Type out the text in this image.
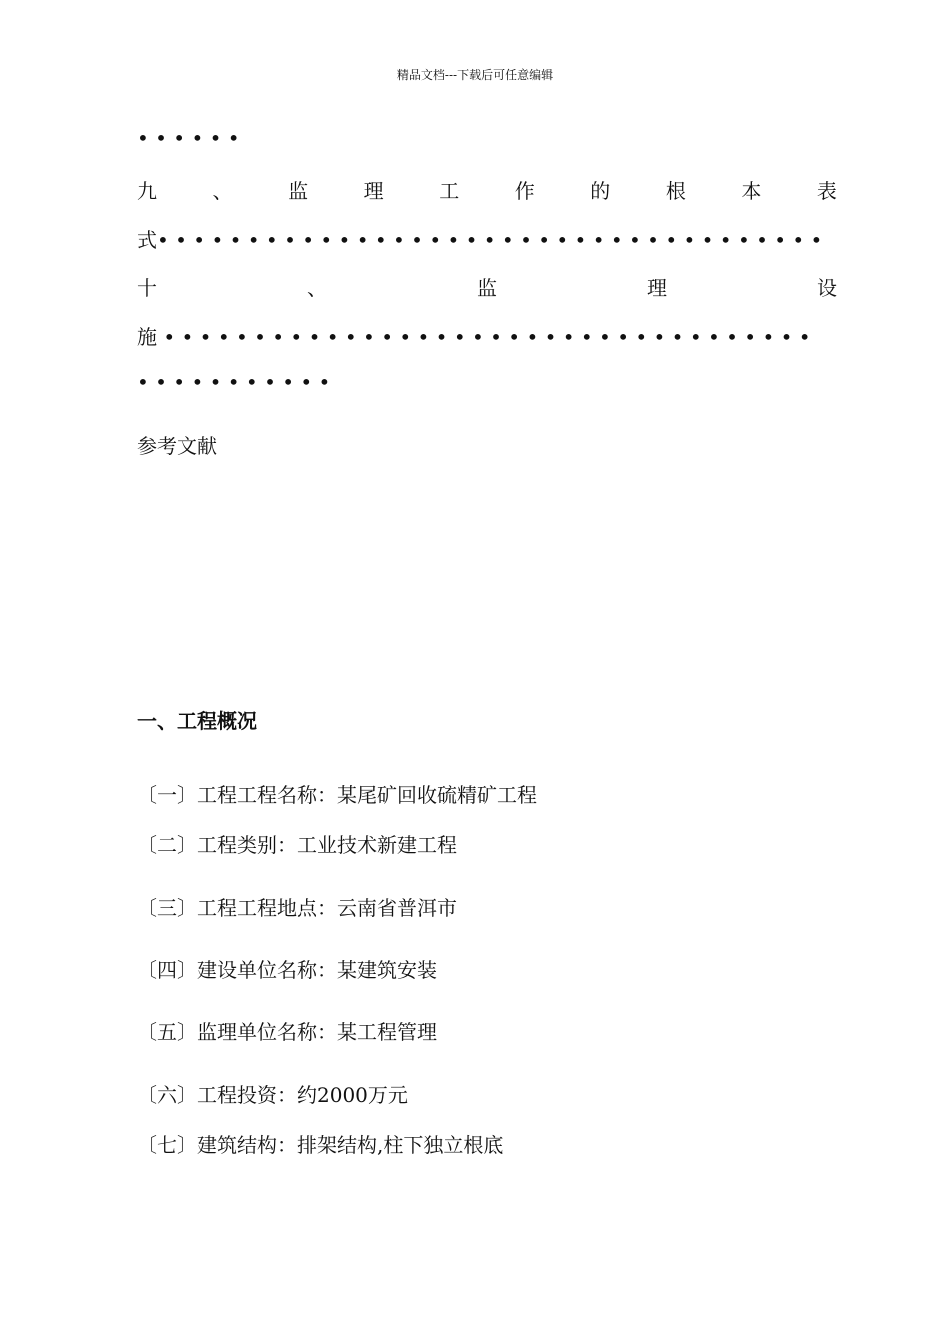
精品文档---下载后可任意编辑
• • • • • •
九	、	监	理	工	作	的	根	本	表
式• • • • • • • • • • • • • • • • • • • • • • • • • • • • • • • • • • • • •
十	、	监	理	设
施 • • • • • • • • • • • • • • • • • • • • • • • • • • • • • • • • • • • •
• • • • • • • • • • •
参考文献
一、工程概况
〔一〕工程工程名称：某尾矿回收硫精矿工程
〔二〕工程类别：工业技术新建工程
〔三〕工程工程地点：云南省普洱市
〔四〕建设单位名称：某建筑安装
〔五〕监理单位名称：某工程管理
〔六〕工程投资：约2000万元
〔七〕建筑结构：排架结构,柱下独立根底
